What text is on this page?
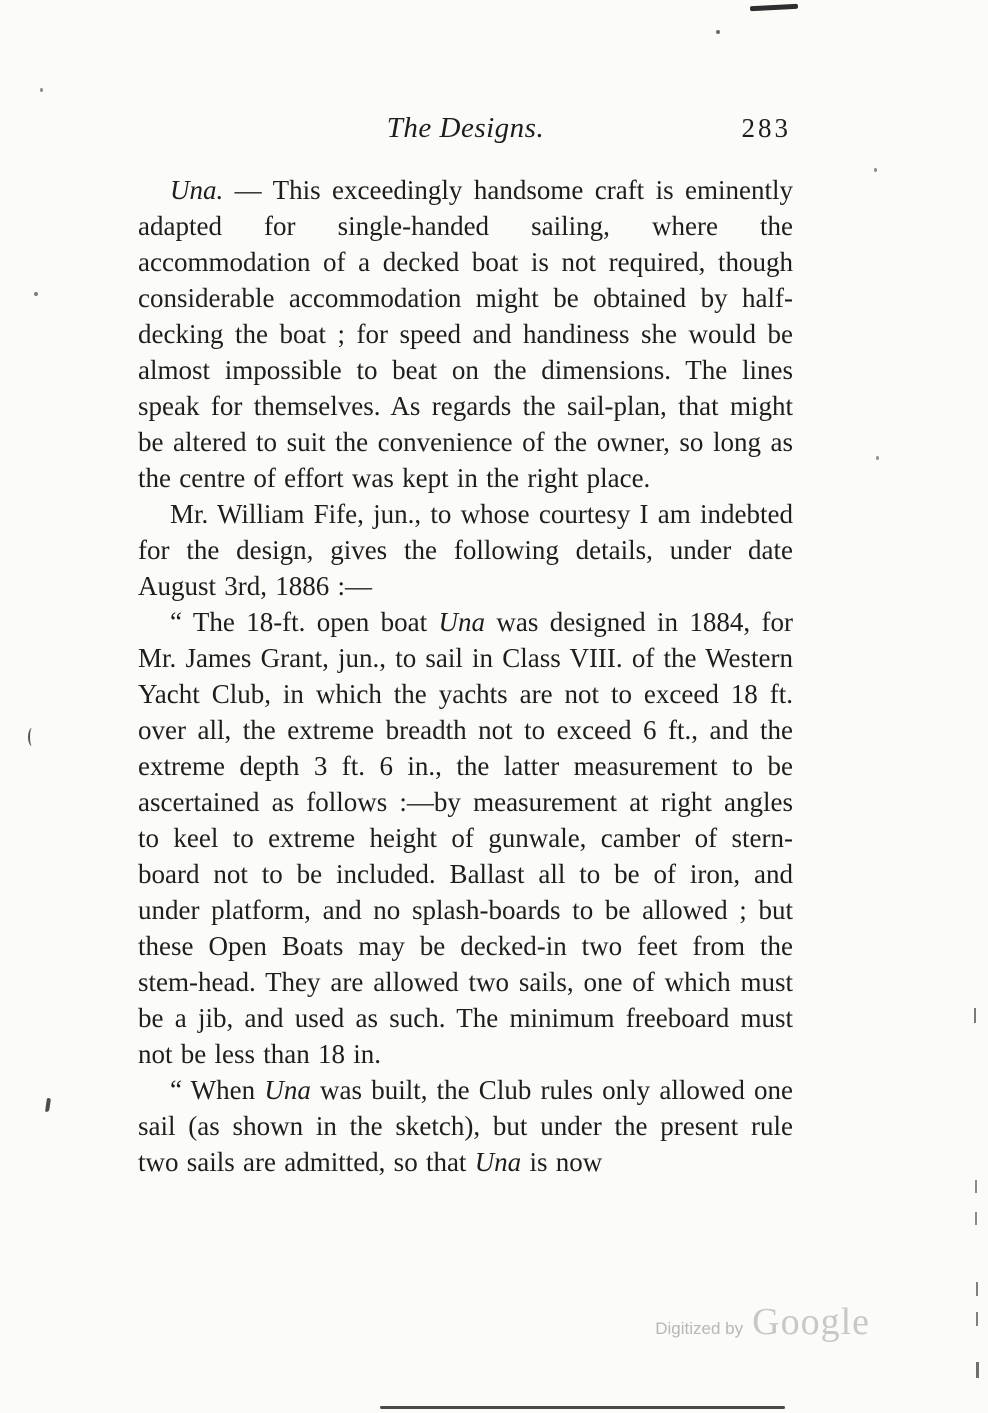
The Designs.	283

Una. — This exceedingly handsome craft is eminently adapted for single-handed sailing, where the accommodation of a decked boat is not required, though considerable accommodation might be obtained by half-decking the boat ; for speed and handiness she would be almost impossible to beat on the dimensions. The lines speak for themselves. As regards the sail-plan, that might be altered to suit the convenience of the owner, so long as the centre of effort was kept in the right place.

Mr. William Fife, jun., to whose courtesy I am indebted for the design, gives the following details, under date August 3rd, 1886 :—

“ The 18-ft. open boat Una was designed in 1884, for Mr. James Grant, jun., to sail in Class VIII. of the Western Yacht Club, in which the yachts are not to exceed 18 ft. over all, the extreme breadth not to exceed 6 ft., and the extreme depth 3 ft. 6 in., the latter measurement to be ascertained as follows :—by measurement at right angles to keel to extreme height of gunwale, camber of stern-board not to be included. Ballast all to be of iron, and under platform, and no splash-boards to be allowed ; but these Open Boats may be decked-in two feet from the stem-head. They are allowed two sails, one of which must be a jib, and used as such. The minimum freeboard must not be less than 18 in.

“ When Una was built, the Club rules only allowed one sail (as shown in the sketch), but under the present rule two sails are admitted, so that Una is now

Digitized by Google
